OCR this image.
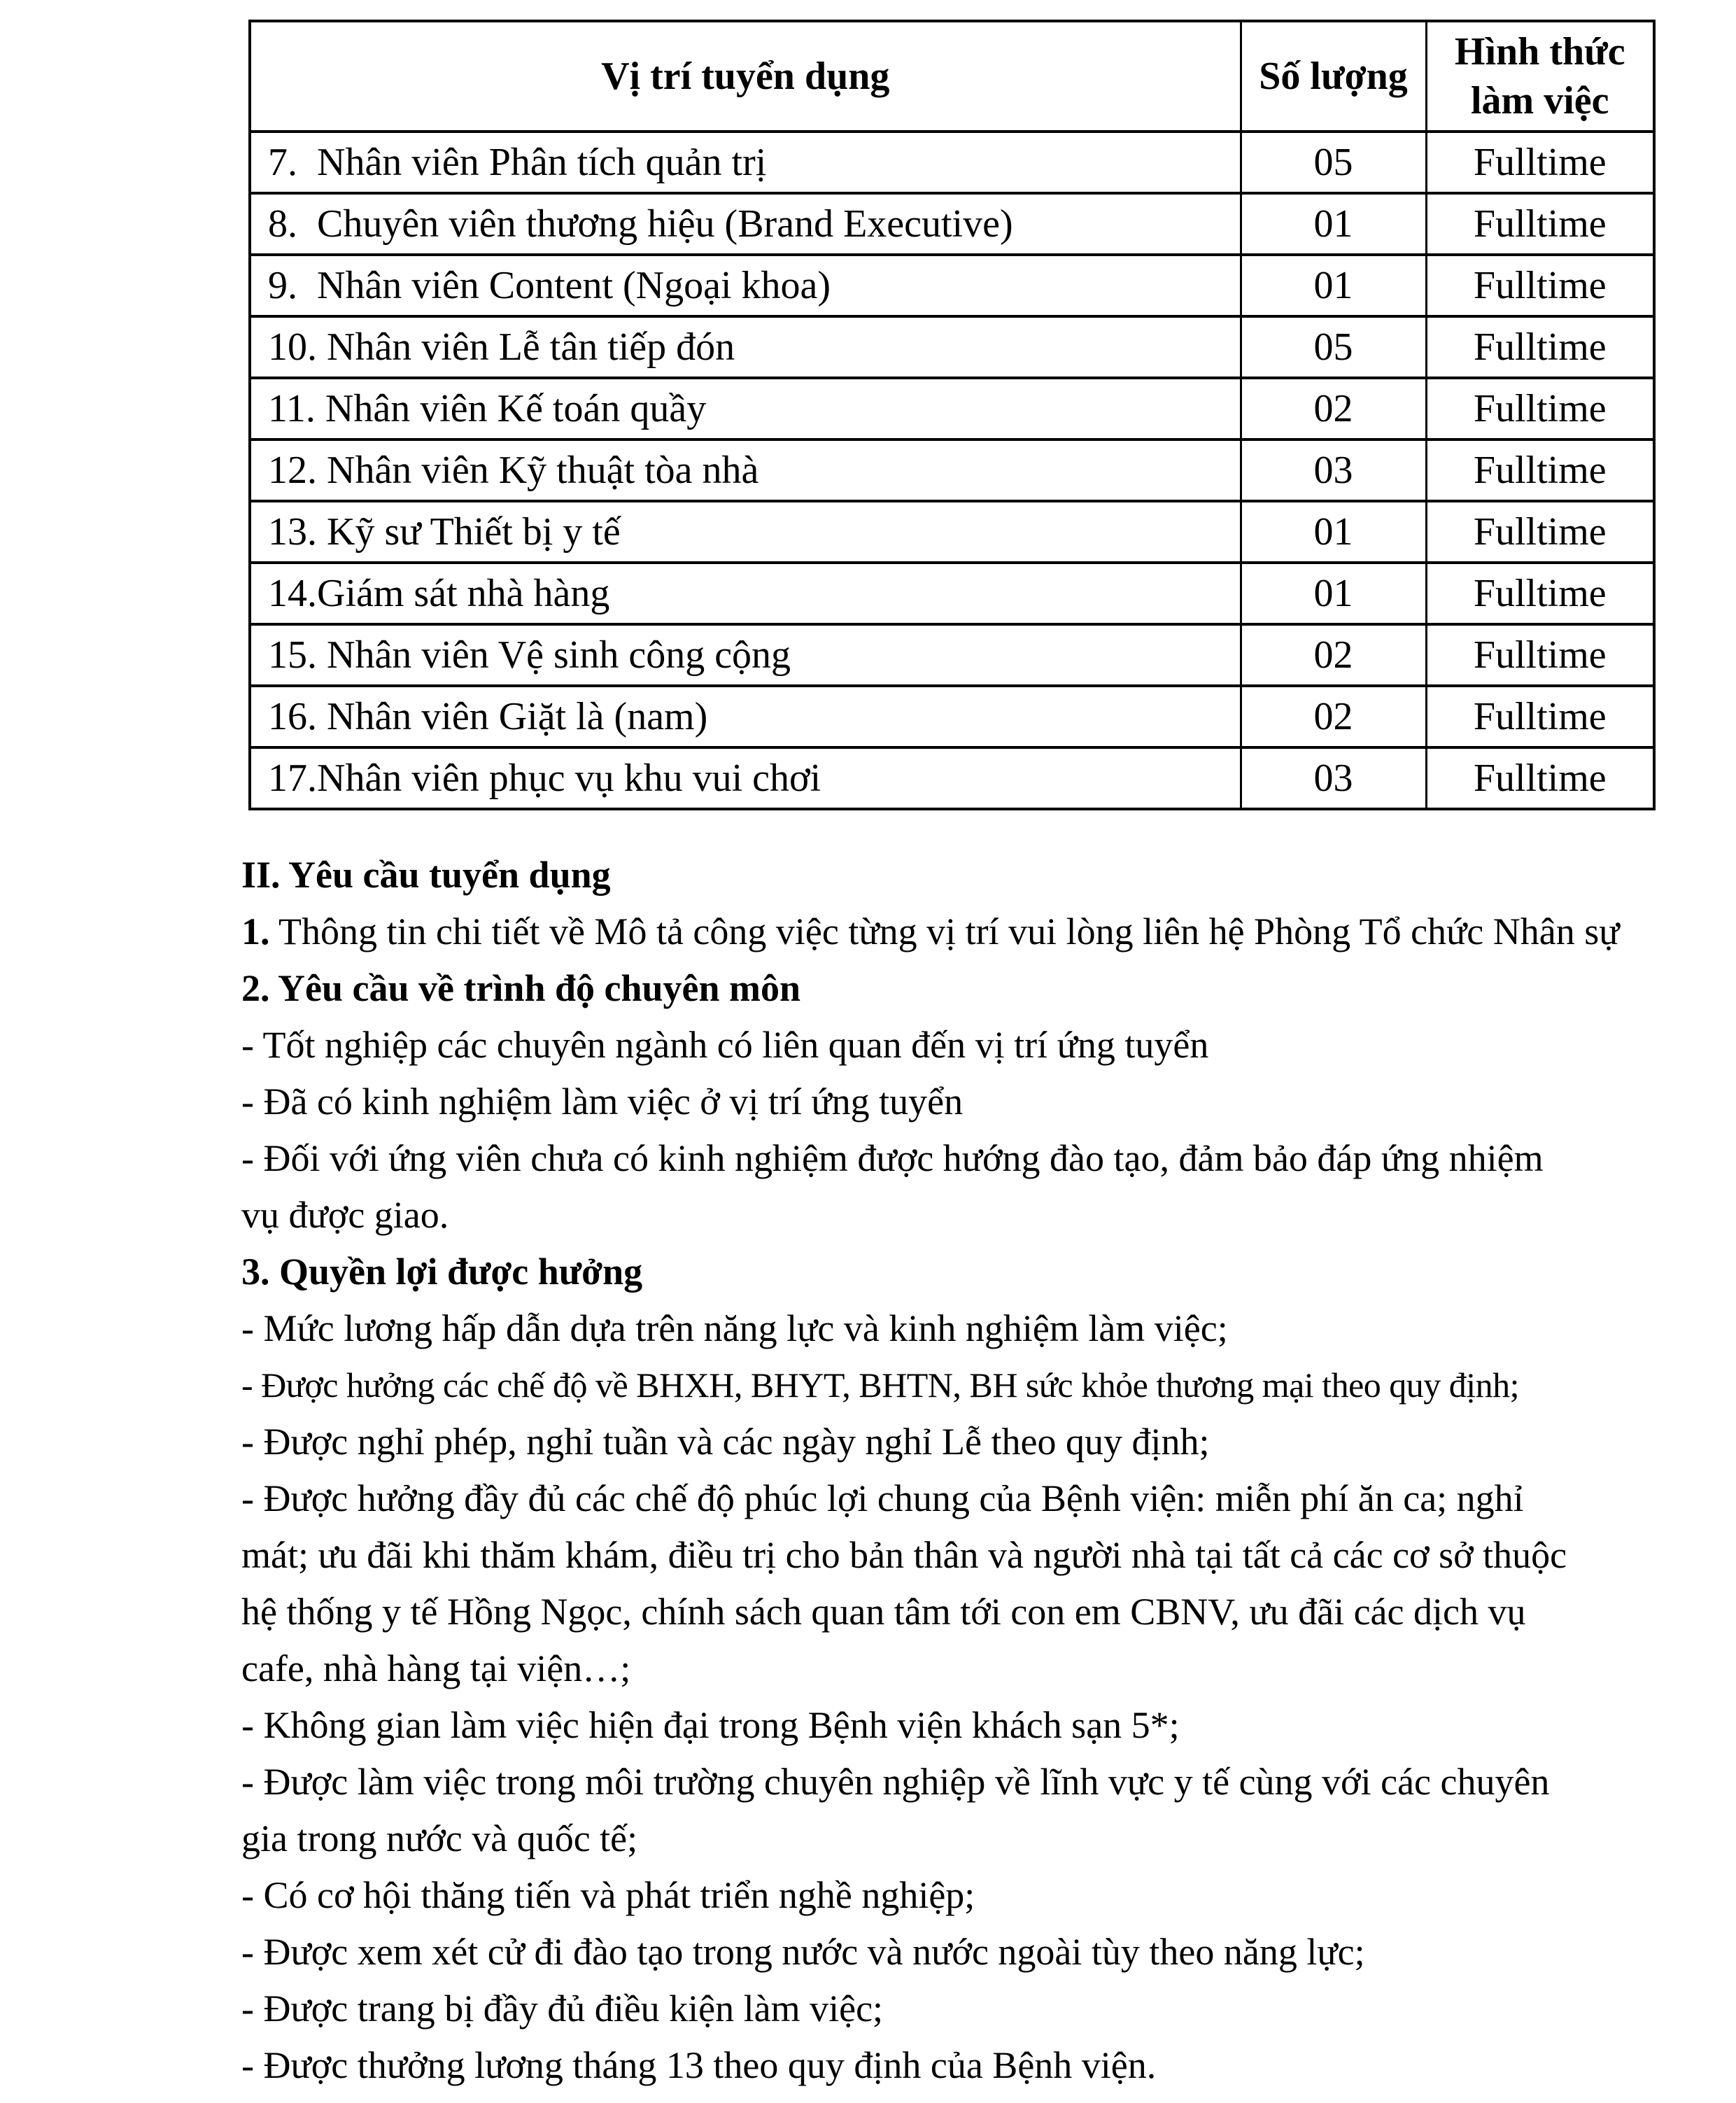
Vị trí tuyển dụng	Số lượng	Hình thức làm việc
7.  Nhân viên Phân tích quản trị	05	Fulltime
8.  Chuyên viên thương hiệu (Brand Executive)	01	Fulltime
9.  Nhân viên Content (Ngoại khoa)	01	Fulltime
10. Nhân viên Lễ tân tiếp đón	05	Fulltime
11. Nhân viên Kế toán quầy	02	Fulltime
12. Nhân viên Kỹ thuật tòa nhà	03	Fulltime
13. Kỹ sư Thiết bị y tế	01	Fulltime
14.Giám sát nhà hàng	01	Fulltime
15. Nhân viên Vệ sinh công cộng	02	Fulltime
16. Nhân viên Giặt là (nam)	02	Fulltime
17.Nhân viên phục vụ khu vui chơi	03	Fulltime
II. Yêu cầu tuyển dụng
1. Thông tin chi tiết về Mô tả công việc từng vị trí vui lòng liên hệ Phòng Tổ chức Nhân sự
2. Yêu cầu về trình độ chuyên môn
- Tốt nghiệp các chuyên ngành có liên quan đến vị trí ứng tuyển
- Đã có kinh nghiệm làm việc ở vị trí ứng tuyển
- Đối với ứng viên chưa có kinh nghiệm được hướng đào tạo, đảm bảo đáp ứng nhiệm
vụ được giao.
3. Quyền lợi được hưởng
- Mức lương hấp dẫn dựa trên năng lực và kinh nghiệm làm việc;
- Được hưởng các chế độ về BHXH, BHYT, BHTN, BH sức khỏe thương mại theo quy định;
- Được nghỉ phép, nghỉ tuần và các ngày nghỉ Lễ theo quy định;
- Được hưởng đầy đủ các chế độ phúc lợi chung của Bệnh viện: miễn phí ăn ca; nghỉ
mát; ưu đãi khi thăm khám, điều trị cho bản thân và người nhà tại tất cả các cơ sở thuộc
hệ thống y tế Hồng Ngọc, chính sách quan tâm tới con em CBNV, ưu đãi các dịch vụ
cafe, nhà hàng tại viện…;
- Không gian làm việc hiện đại trong Bệnh viện khách sạn 5*;
- Được làm việc trong môi trường chuyên nghiệp về lĩnh vực y tế cùng với các chuyên
gia trong nước và quốc tế;
- Có cơ hội thăng tiến và phát triển nghề nghiệp;
- Được xem xét cử đi đào tạo trong nước và nước ngoài tùy theo năng lực;
- Được trang bị đầy đủ điều kiện làm việc;
- Được thưởng lương tháng 13 theo quy định của Bệnh viện.
